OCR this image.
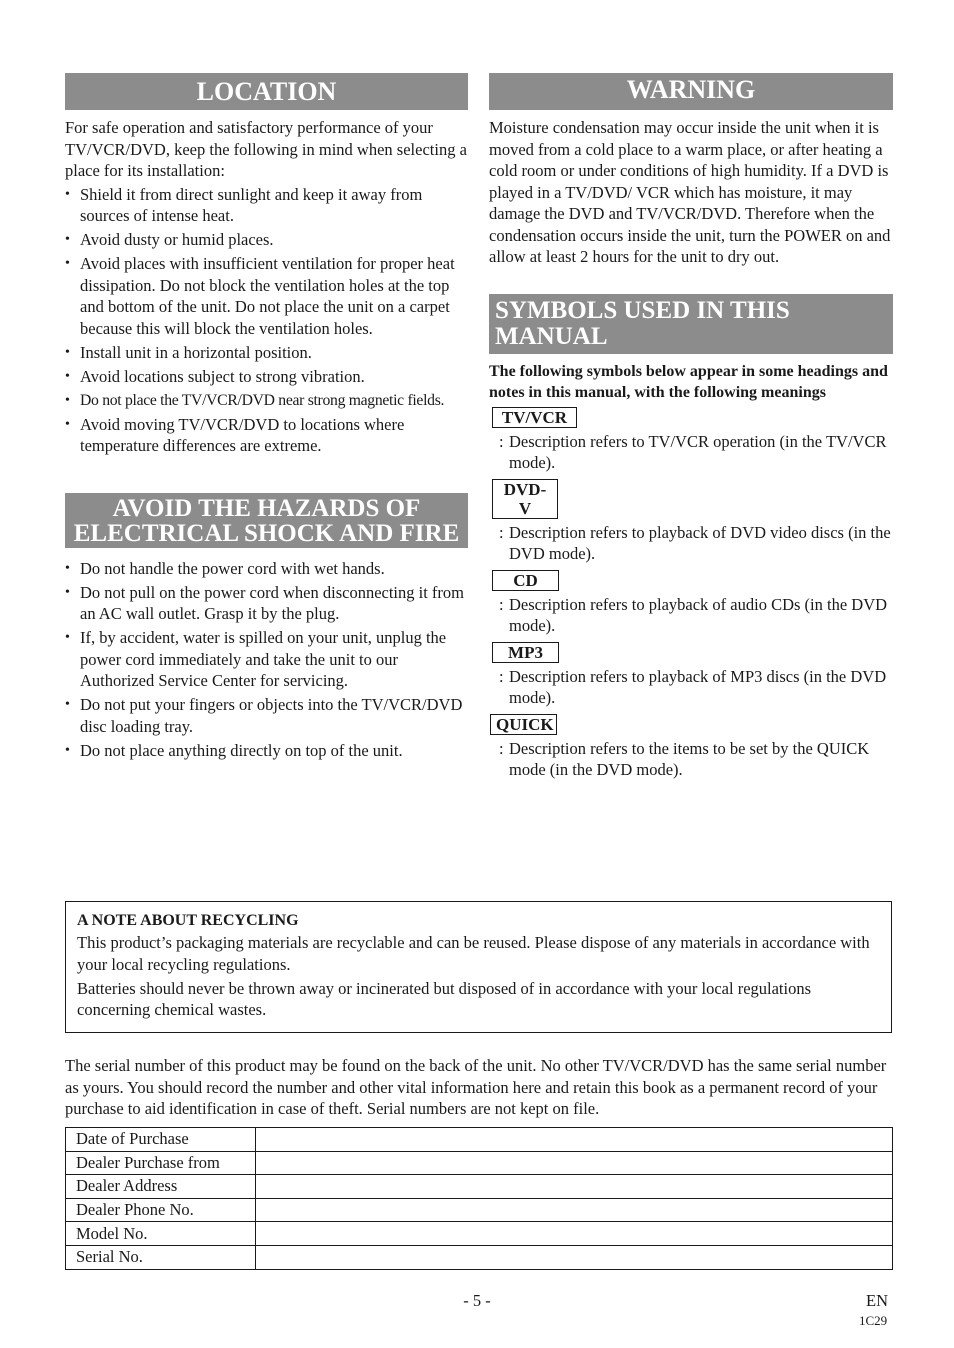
LOCATION

For safe operation and satisfactory performance of your TV/VCR/DVD, keep the following in mind when selecting a place for its installation:

• Shield it from direct sunlight and keep it away from sources of intense heat.
• Avoid dusty or humid places.
• Avoid places with insufficient ventilation for proper heat dissipation. Do not block the ventilation holes at the top and bottom of the unit. Do not place the unit on a carpet because this will block the ventilation holes.
• Install unit in a horizontal position.
• Avoid locations subject to strong vibration.
• Do not place the TV/VCR/DVD near strong magnetic fields.
• Avoid moving TV/VCR/DVD to locations where temperature differences are extreme.
AVOID THE HAZARDS OF
ELECTRICAL SHOCK AND FIRE
• Do not handle the power cord with wet hands.
• Do not pull on the power cord when disconnecting it from an AC wall outlet. Grasp it by the plug.
• If, by accident, water is spilled on your unit, unplug the power cord immediately and take the unit to our Authorized Service Center for servicing.
• Do not put your fingers or objects into the TV/VCR/DVD disc loading tray.
• Do not place anything directly on top of the unit.
WARNING

Moisture condensation may occur inside the unit when it is moved from a cold place to a warm place, or after heating a cold room or under conditions of high humidity. If a DVD is played in a TV/DVD/ VCR which has moisture, it may damage the DVD and TV/VCR/DVD. Therefore when the condensation occurs inside the unit, turn the POWER on and allow at least 2 hours for the unit to dry out.

SYMBOLS USED IN THIS MANUAL

The following symbols below appear in some headings and notes in this manual, with the following meanings

TV/VCR
: Description refers to TV/VCR operation (in the TV/VCR mode).
DVD-V
: Description refers to playback of DVD video discs (in the DVD mode).
CD
: Description refers to playback of audio CDs (in the DVD mode).
MP3
: Description refers to playback of MP3 discs (in the DVD mode).
QUICK
: Description refers to the items to be set by the QUICK mode (in the DVD mode).
A NOTE ABOUT RECYCLING

This product’s packaging materials are recyclable and can be reused. Please dispose of any materials in accordance with your local recycling regulations.

Batteries should never be thrown away or incinerated but disposed of in accordance with your local regulations concerning chemical wastes.

The serial number of this product may be found on the back of the unit. No other TV/VCR/DVD has the same serial number as yours. You should record the number and other vital information here and retain this book as a permanent record of your purchase to aid identification in case of theft. Serial numbers are not kept on file.

Date of Purchase	
Dealer Purchase from	
Dealer Address	
Dealer Phone No.	
Model No.	
Serial No.	
- 5 -	EN
1C29
